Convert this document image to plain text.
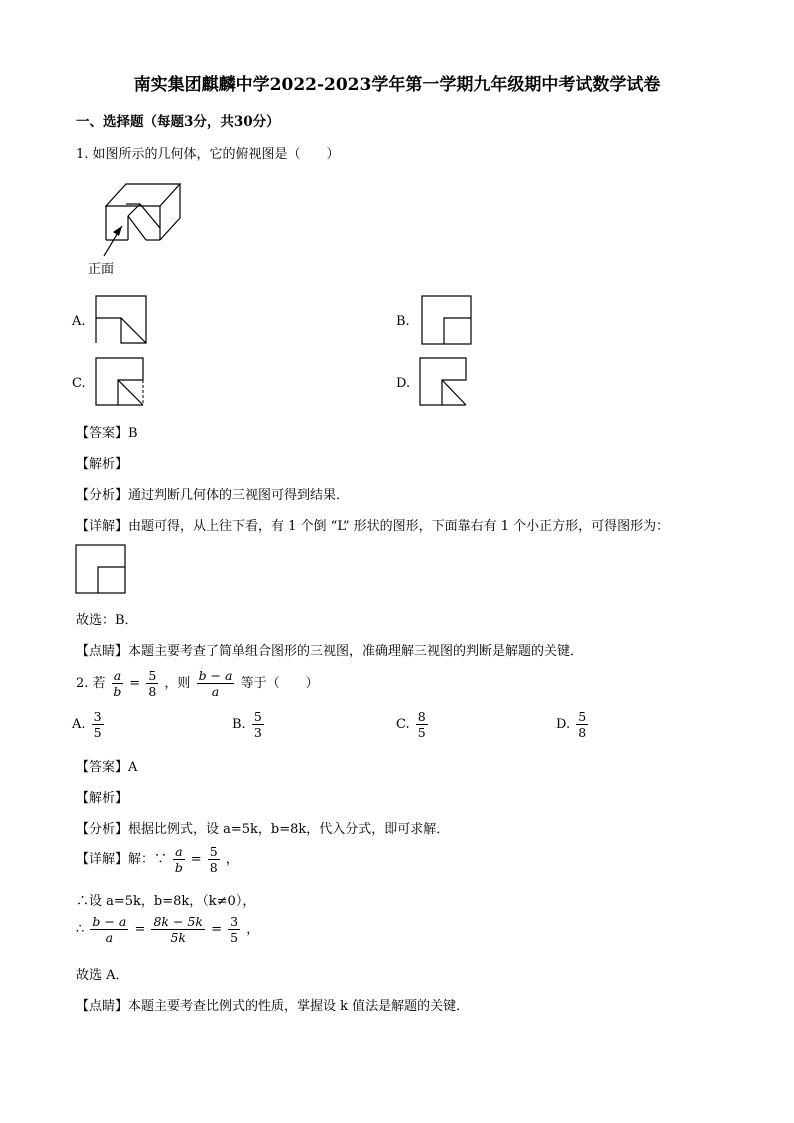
南实集团麒麟中学2022-2023学年第一学期九年级期中考试数学试卷
一、选择题（每题3分，共30分）
1. 如图所示的几何体，它的俯视图是（　　）
正面
A.	B.
C.	D.
【答案】B
【解析】
【分析】通过判断几何体的三视图可得到结果．
【详解】由题可得，从上往下看，有 1 个倒 “L” 形状的图形，下面靠右有 1 个小正方形，可得图形为：
故选：B．
【点睛】本题主要考查了简单组合图形的三视图，准确理解三视图的判断是解题的关键．
2. 若 $\frac{a}{b} = \frac{5}{8}$ ，则 $\frac{b - a}{a}$ 等于（　　）
A. $\frac{3}{5}$	B. $\frac{5}{3}$	C. $\frac{8}{5}$	D. $\frac{5}{8}$
【答案】A
【解析】
【分析】根据比例式，设 a=5k，b=8k，代入分式，即可求解．
【详解】解：∵ $\frac{a}{b} = \frac{5}{8}$ ，
∴设 a=5k，b=8k，（k≠0），
∴ $\frac{b - a}{a} = \frac{8k - 5k}{5k} = \frac{3}{5}$ ，
故选 A．
【点睛】本题主要考查比例式的性质，掌握设 k 值法是解题的关键．
